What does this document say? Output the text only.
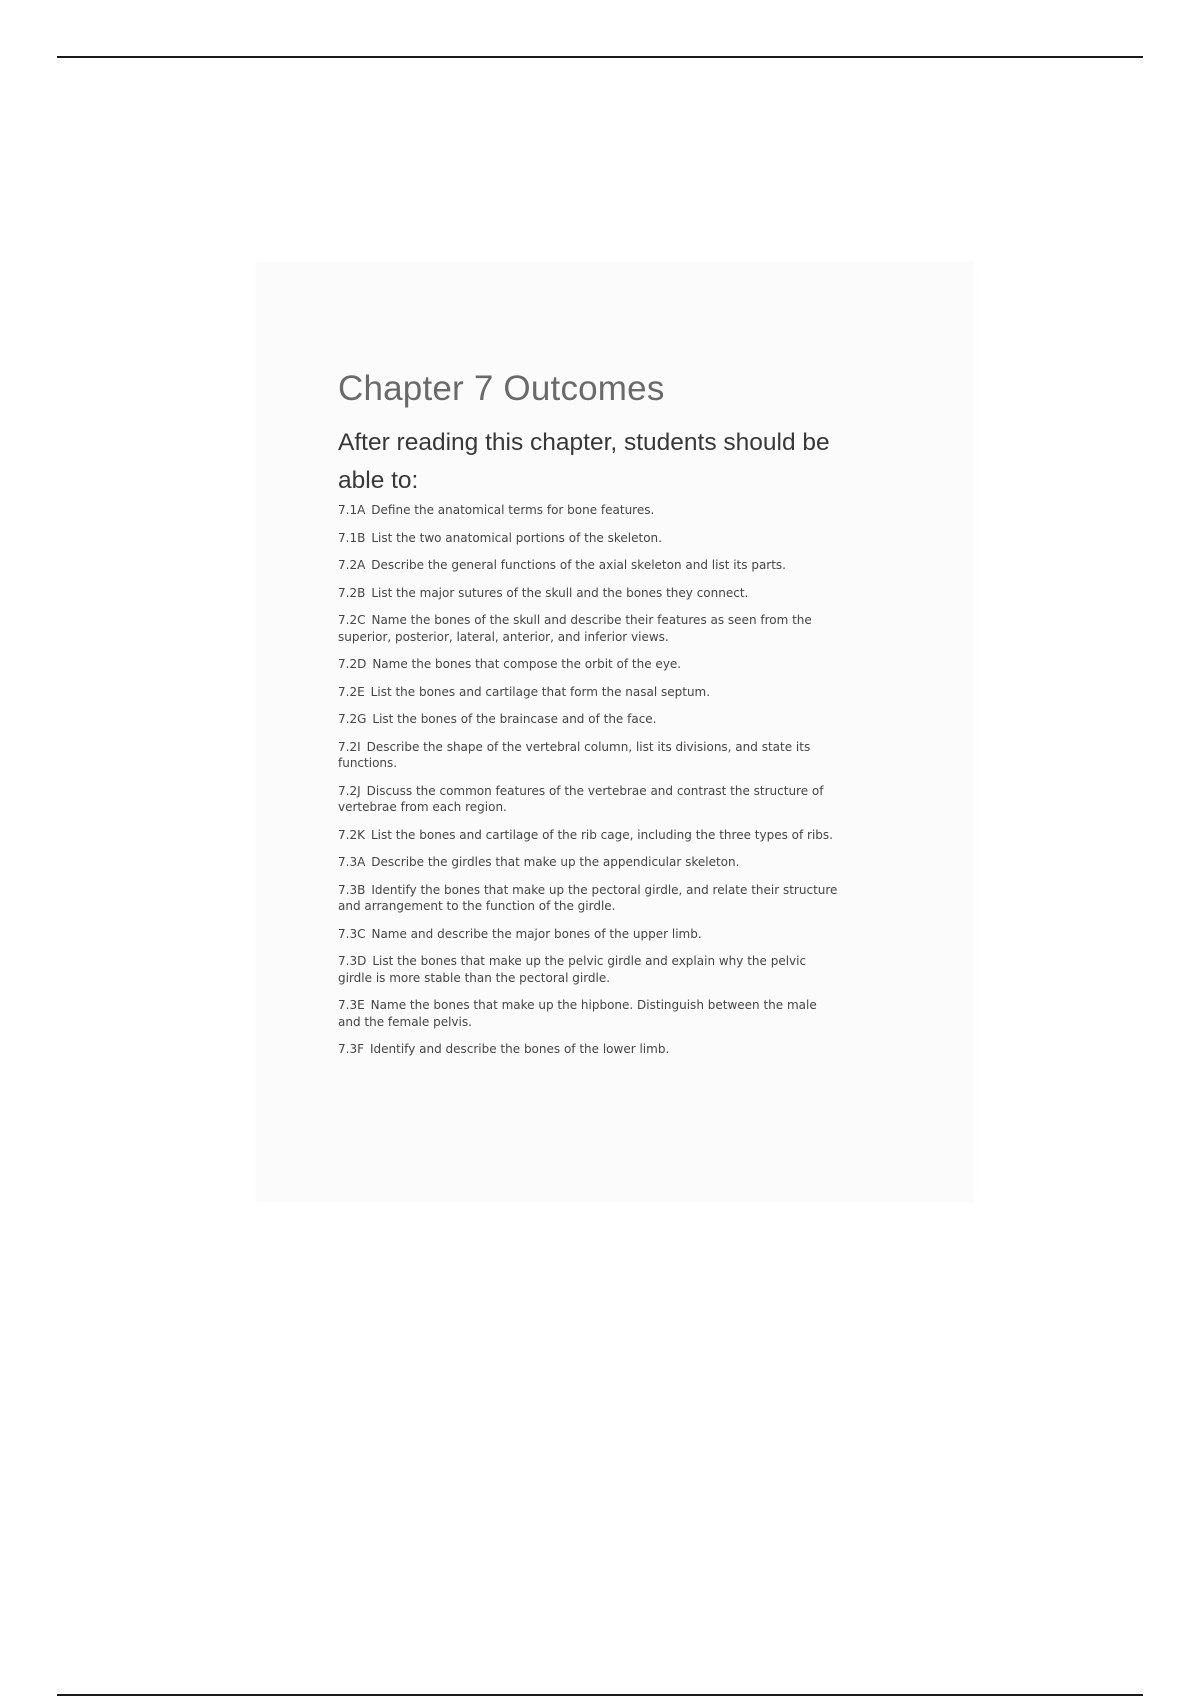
Chapter 7 Outcomes

After reading this chapter, students should be able to:

7.1A Define the anatomical terms for bone features.
7.1B List the two anatomical portions of the skeleton.
7.2A Describe the general functions of the axial skeleton and list its parts.
7.2B List the major sutures of the skull and the bones they connect.
7.2C Name the bones of the skull and describe their features as seen from the superior, posterior, lateral, anterior, and inferior views.
7.2D Name the bones that compose the orbit of the eye.
7.2E List the bones and cartilage that form the nasal septum.
7.2G List the bones of the braincase and of the face.
7.2I Describe the shape of the vertebral column, list its divisions, and state its functions.
7.2J Discuss the common features of the vertebrae and contrast the structure of vertebrae from each region.
7.2K List the bones and cartilage of the rib cage, including the three types of ribs.
7.3A Describe the girdles that make up the appendicular skeleton.
7.3B Identify the bones that make up the pectoral girdle, and relate their structure and arrangement to the function of the girdle.
7.3C Name and describe the major bones of the upper limb.
7.3D List the bones that make up the pelvic girdle and explain why the pelvic girdle is more stable than the pectoral girdle.
7.3E Name the bones that make up the hipbone. Distinguish between the male and the female pelvis.
7.3F Identify and describe the bones of the lower limb.
